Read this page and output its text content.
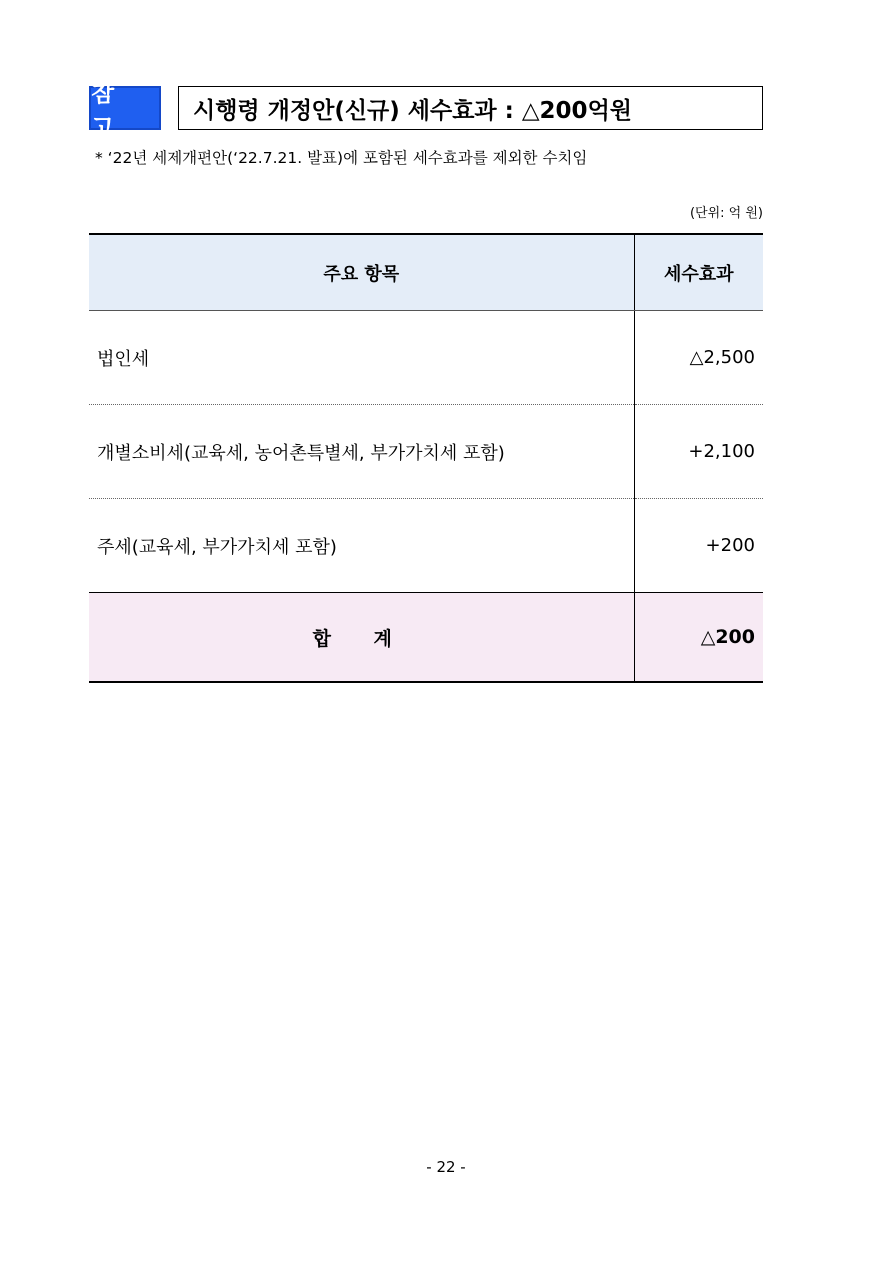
참 고
시행령 개정안(신규) 세수효과 : △200억원
* ‘22년 세제개편안(‘22.7.21. 발표)에 포함된 세수효과를 제외한 수치임
(단위: 억 원)
주요 항목	세수효과
법인세	△2,500
개별소비세(교육세, 농어촌특별세, 부가가치세 포함)	+2,100
주세(교육세, 부가가치세 포함)	+200
합 계	△200
- 22 -
